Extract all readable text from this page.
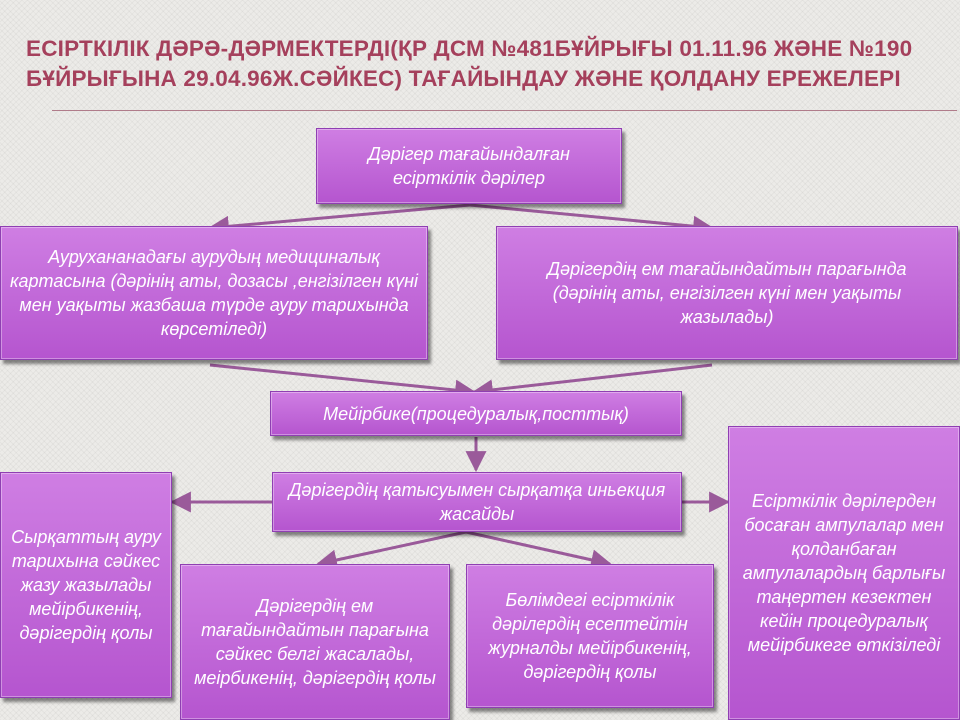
ЕСІРТКІЛІК ДӘРӘ-ДӘРМЕКТЕРДІ(ҚР ДСМ №481БҰЙРЫҒЫ 01.11.96 ЖӘНЕ №190 БҰЙРЫҒЫНА 29.04.96Ж.СӘЙКЕС) ТАҒАЙЫНДАУ ЖӘНЕ ҚОЛДАНУ ЕРЕЖЕЛЕРІ
Дәрігер тағайындалған есірткілік дәрілер
Аурухананадағы аурудың медициналық картасына (дәрінің аты, дозасы ,енгізілген күні мен уақыты жазбаша түрде ауру тарихында көрсетіледі)
Дәрігердің ем тағайындайтын парағында (дәрінің аты, енгізілген күні мен уақыты жазылады)
Мейірбике(процедуралық,посттық)
Дәрігердің қатысуымен сырқатқа иньекция жасайды
Сырқаттың ауру тарихына сәйкес жазу жазылады мейірбикенің, дәрігердің қолы
Дәрігердің ем тағайындайтын парағына сәйкес белгі жасалады, меірбикенің, дәрігердің қолы
Бөлімдегі есірткілік дәрілердің есептейтін журналды мейірбикенің, дәрігердің қолы
Есірткілік дәрілерден босаған ампулалар мен қолданбаған ампулалардың барлығы таңертен кезектен кейін процедуралық мейірбикеге өткізіледі
